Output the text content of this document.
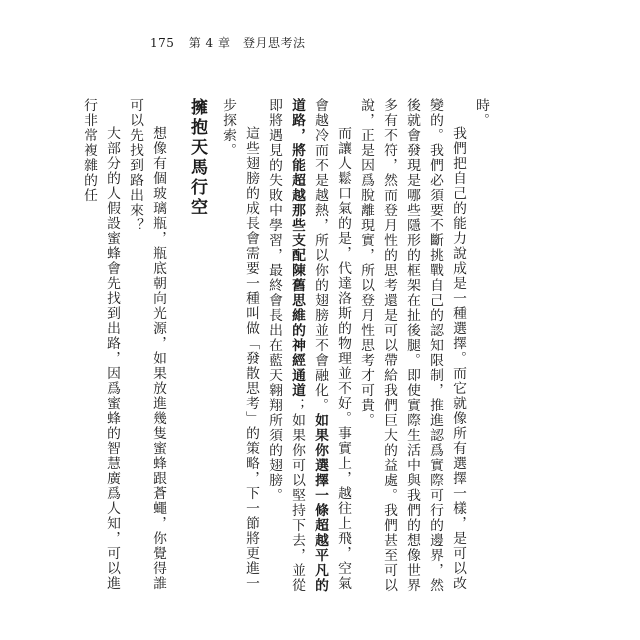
175 第 4 章　登月思考法

時。

我們把自己的能力說成是一種選擇。而它就像所有選擇一樣，是可以改變的。我們必須要不斷挑戰自己的認知限制，推進認爲實際可行的邊界，然後就會發現是哪些隱形的框架在扯後腿。即使實際生活中與我們的想像世界多有不符，然而登月性的思考還是可以帶給我們巨大的益處。我們甚至可以說，正是因爲脫離現實，所以登月性思考才可貴。

而讓人鬆口氣的是，代達洛斯的物理並不好。事實上，越往上飛，空氣會越冷而不是越熱，所以你的翅膀並不會融化。如果你選擇一條超越平凡的道路，將能超越那些支配陳舊思維的神經通道；如果你可以堅持下去，並從即將遇見的失敗中學習，最終會長出在藍天翱翔所須的翅膀。

這些翅膀的成長會需要一種叫做「發散思考」的策略，下一節將更進一步探索。

擁抱天馬行空

想像有個玻璃瓶，瓶底朝向光源，如果放進幾隻蜜蜂跟蒼蠅，你覺得誰可以先找到路出來？

大部分的人假設蜜蜂會先找到出路，因爲蜜蜂的智慧廣爲人知，可以進行非常複雜的任
